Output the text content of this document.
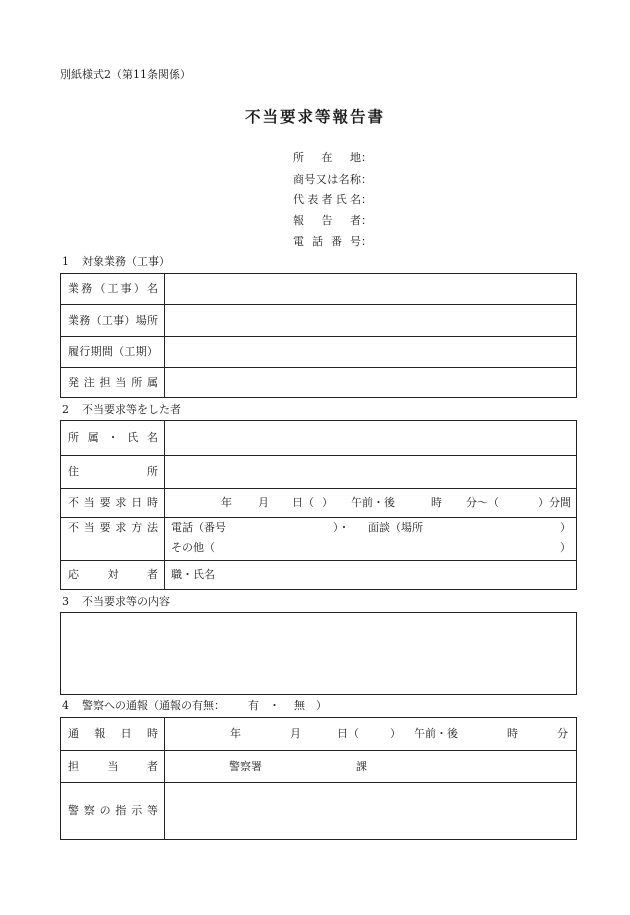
別紙様式2（第11条関係）
不当要求等報告書
所在地：
商号又は名称：
代表者氏名：
報告者：
電話番号：
1 対象業務（工事）
業務（工事）名
業務（工事）場所
履行期間（工期）
発注担当所属
2 不当要求等をした者
所属・氏名
住所
不当要求日時	年 月 日（ ） 午前・後	時 分～（	）分間
不当要求方法 電話（番号	）・ 面談（場所	）
その他（	）
応対者 職・氏名
3 不当要求等の内容
4 警察への通報（通報の有無： 有 ・ 無 ）
通報日時	年	月	日（	） 午前・後	時	分
担当者	警察署	課
警察の指示等
